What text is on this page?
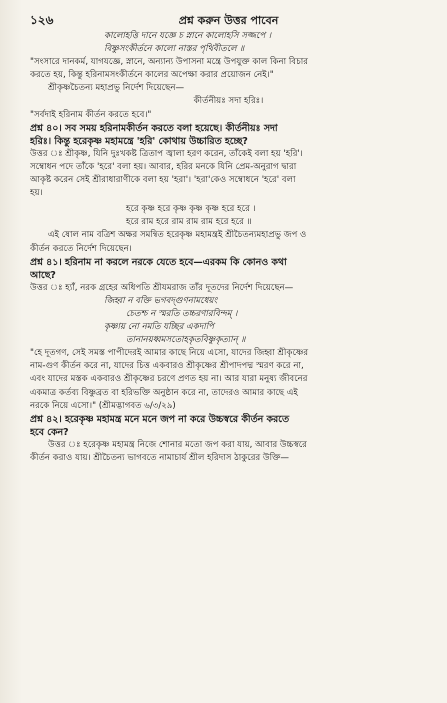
১২৬	প্রশ্ন করুন উত্তর পাবেন
কালোহত্তি দানে যজ্ঞে চ স্নানে কালোহসি সজ্জপে ।
বিষ্ণুসংকীর্তনে কালো নাস্তর পৃথিবীতলে ॥
"সংসারে দানকর্ম, যাগযজ্ঞে, স্নানে, অন্যান্য উপাসনা মন্ত্রে উপযুক্ত কাল কিনা বিচার
করতে হয়, কিন্তু হরিনামসংকীর্তনে কালের অপেক্ষা করার প্রয়োজন নেই।"
শ্রীকৃষ্ণচৈতন্য মহাপ্রভু নির্দেশ দিয়েছেন—
কীর্তনীয়ঃ সদা হরিঃ।
"সর্বদাই হরিনাম কীর্তন করতে হবে।"
প্রশ্ন ৪০। সব সময় হরিনামকীর্তন করতে বলা হয়েছে। কীর্তনীয়ঃ সদা
হরিঃ। কিন্তু হরেকৃষ্ণ মহামন্ত্রে 'হরি' কোথায় উচ্চারিত হচ্ছে?
উত্তর ঃ শ্রীকৃষ্ণ, যিনি দুঃখকষ্ট ত্রিতাপ জ্বালা হরণ করেন, তাঁকেই বলা হয় 'হরি'।
সম্বোধন পদে তাঁকে 'হরে' বলা হয়। আবার, হরির মনকে যিনি প্রেম-অনুরাগ দ্বারা
আকৃষ্ট করেন সেই শ্রীরাধারাণীকে বলা হয় 'হরা'। 'হরা'কেও সম্বোধনে 'হরে' বলা
হয়।
হরে কৃষ্ণ হরে কৃষ্ণ কৃষ্ণ কৃষ্ণ হরে হরে ।
হরে রাম হরে রাম রাম রাম হরে হরে ॥
এই ষোল নাম বত্রিশ অক্ষর সমন্বিত হরেকৃষ্ণ মহামন্ত্রই শ্রীচৈতন্যমহাপ্রভু জপ ও
কীর্তন করতে নির্দেশ দিয়েছেন।
প্রশ্ন ৪১। হরিনাম না করলে নরকে যেতে হবে—এরকম কি কোনও কথা
আছে?
উত্তর ঃ হ্যাঁ, নরক গ্রহের অধিপতি শ্রীযমরাজ তাঁর দূতদের নির্দেশ দিয়েছেন—
জিহ্বা ন বক্তি ভগবদ্গুণনামধেয়ং
চেতশ্চ ন স্মরতি তচ্চরণারবিন্দম্ ।
কৃষ্ণায় নো নমতি যচ্ছির একদাপি
তানানয়ধ্বমসতোহকৃতবিষ্ণুকৃত্যান্ ॥
"হে দূতগণ, সেই সমস্ত পাপীদেরই আমার কাছে নিয়ে এসো, যাদের জিহ্বা শ্রীকৃষ্ণের
নাম-গুণ কীর্তন করে না, যাদের চিত্ত একবারও শ্রীকৃষ্ণের শ্রীপাদপদ্ম স্মরণ করে না,
এবং যাদের মস্তক একবারও শ্রীকৃষ্ণের চরণে প্রণত হয় না। আর যারা মনুষ্য জীবনের
একমাত্র কর্তব্য বিষ্ণুব্রত বা হরিভক্তি অনুষ্ঠান করে না, তাদেরও আমার কাছে এই
নরকে নিয়ে এসো।" (শ্রীমদ্ভাগবত ৬/৩/২৯)
প্রশ্ন ৪২। হরেকৃষ্ণ মহামন্ত্র মনে মনে জপ না করে উচ্চস্বরে কীর্তন করতে
হবে কেন?
উত্তর ঃ হরেকৃষ্ণ মহামন্ত্র নিজে শোনার মতো জপ করা যায়, আবার উচ্চস্বরে
কীর্তন করাও যায়। শ্রীচৈতন্য ভাগবতে নামাচার্য শ্রীল হরিদাস ঠাকুরের উক্তি—
